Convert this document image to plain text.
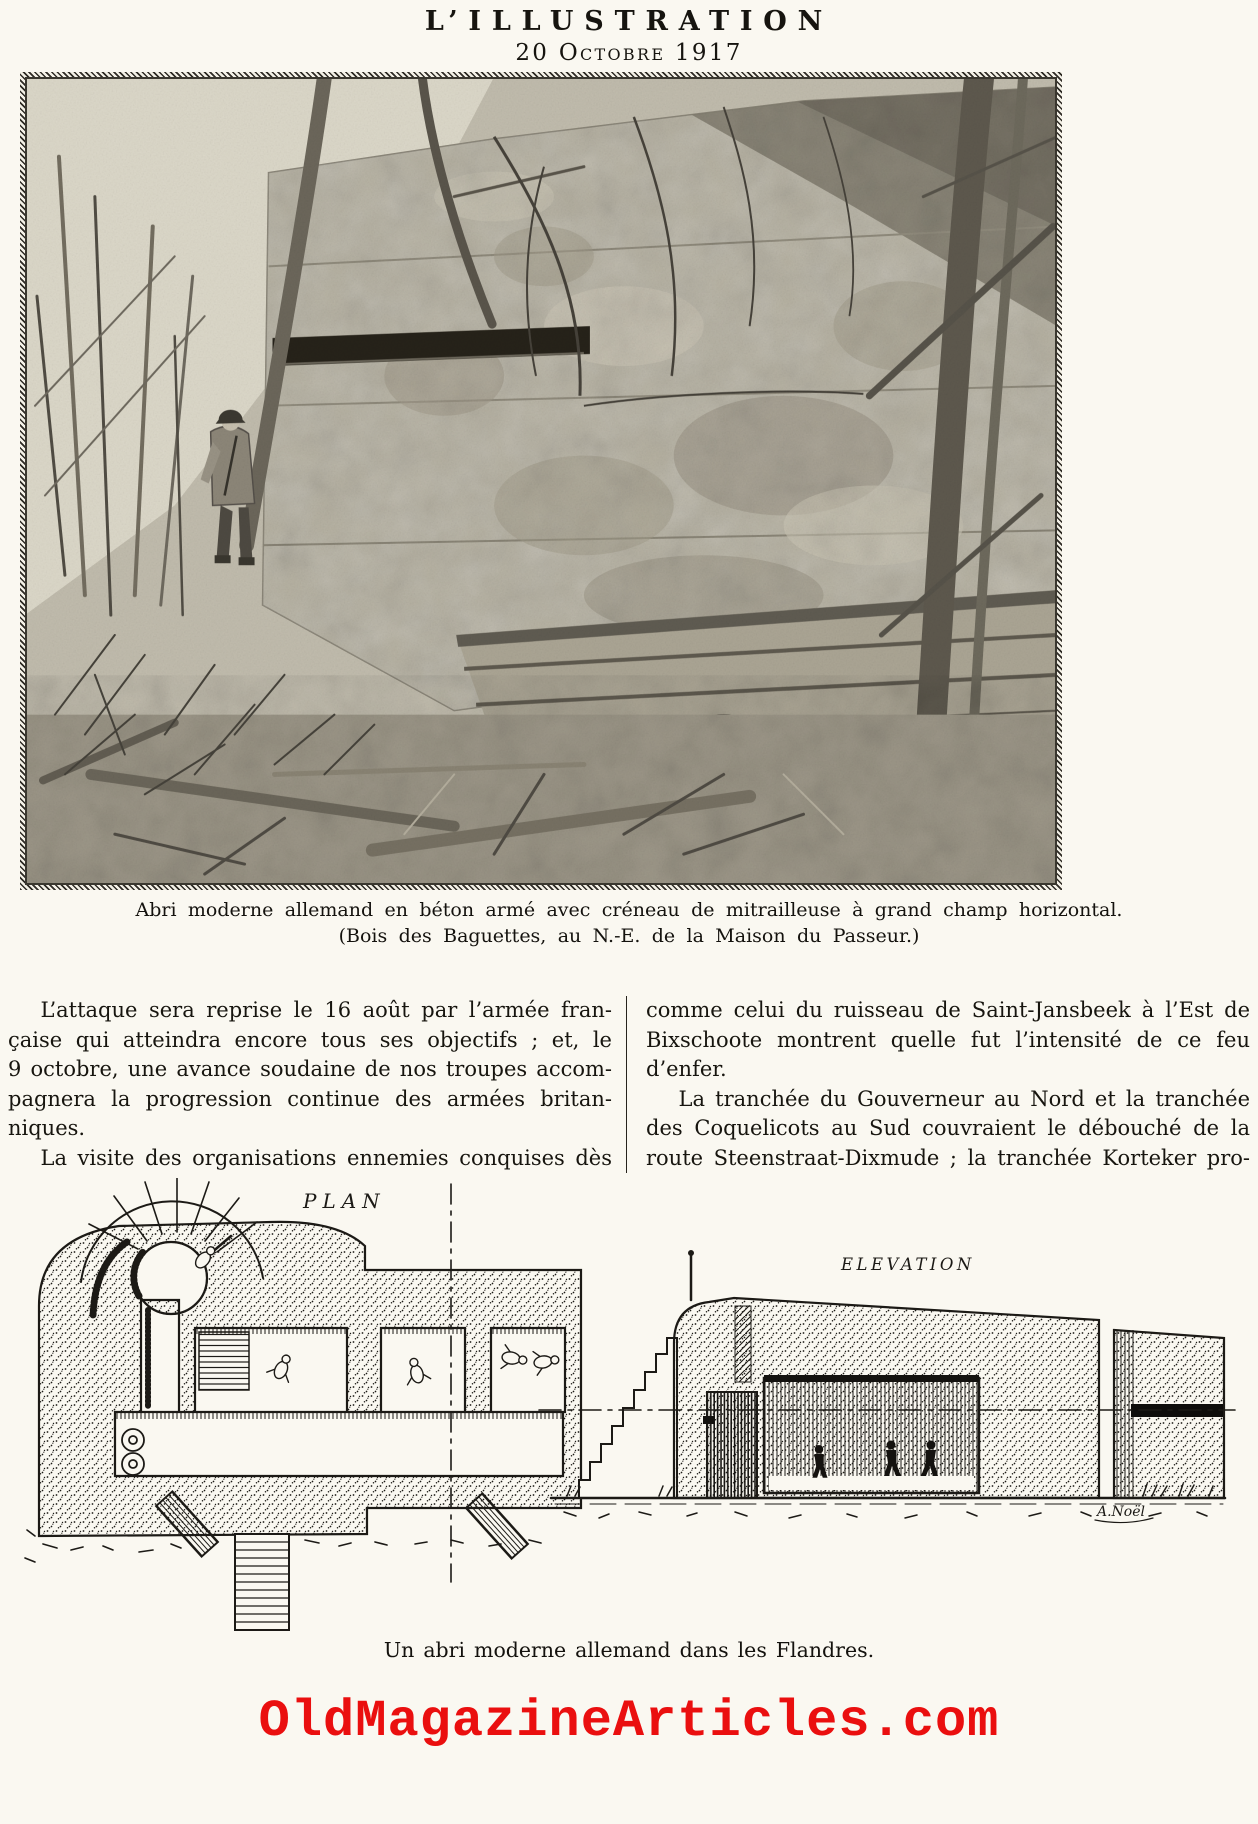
L’ILLUSTRATION
20 Octobre 1917
Abri moderne allemand en béton armé avec créneau de mitrailleuse à grand champ horizontal.
(Bois des Baguettes, au N.-E. de la Maison du Passeur.)
L’attaque sera reprise le 16 août par l’armée fran-
çaise qui atteindra encore tous ses objectifs ; et, le
9 octobre, une avance soudaine de nos troupes accom-
pagnera la progression continue des armées britan-
niques.
La visite des organisations ennemies conquises dès
comme celui du ruisseau de Saint-Jansbeek à l’Est de
Bixschoote montrent quelle fut l’intensité de ce feu
d’enfer.
La tranchée du Gouverneur au Nord et la tranchée
des Coquelicots au Sud couvraient le débouché de la
route Steenstraat-Dixmude ; la tranchée Korteker pro-
PLAN
ELEVATION
A.Noël
Un abri moderne allemand dans les Flandres.
OldMagazineArticles.com
